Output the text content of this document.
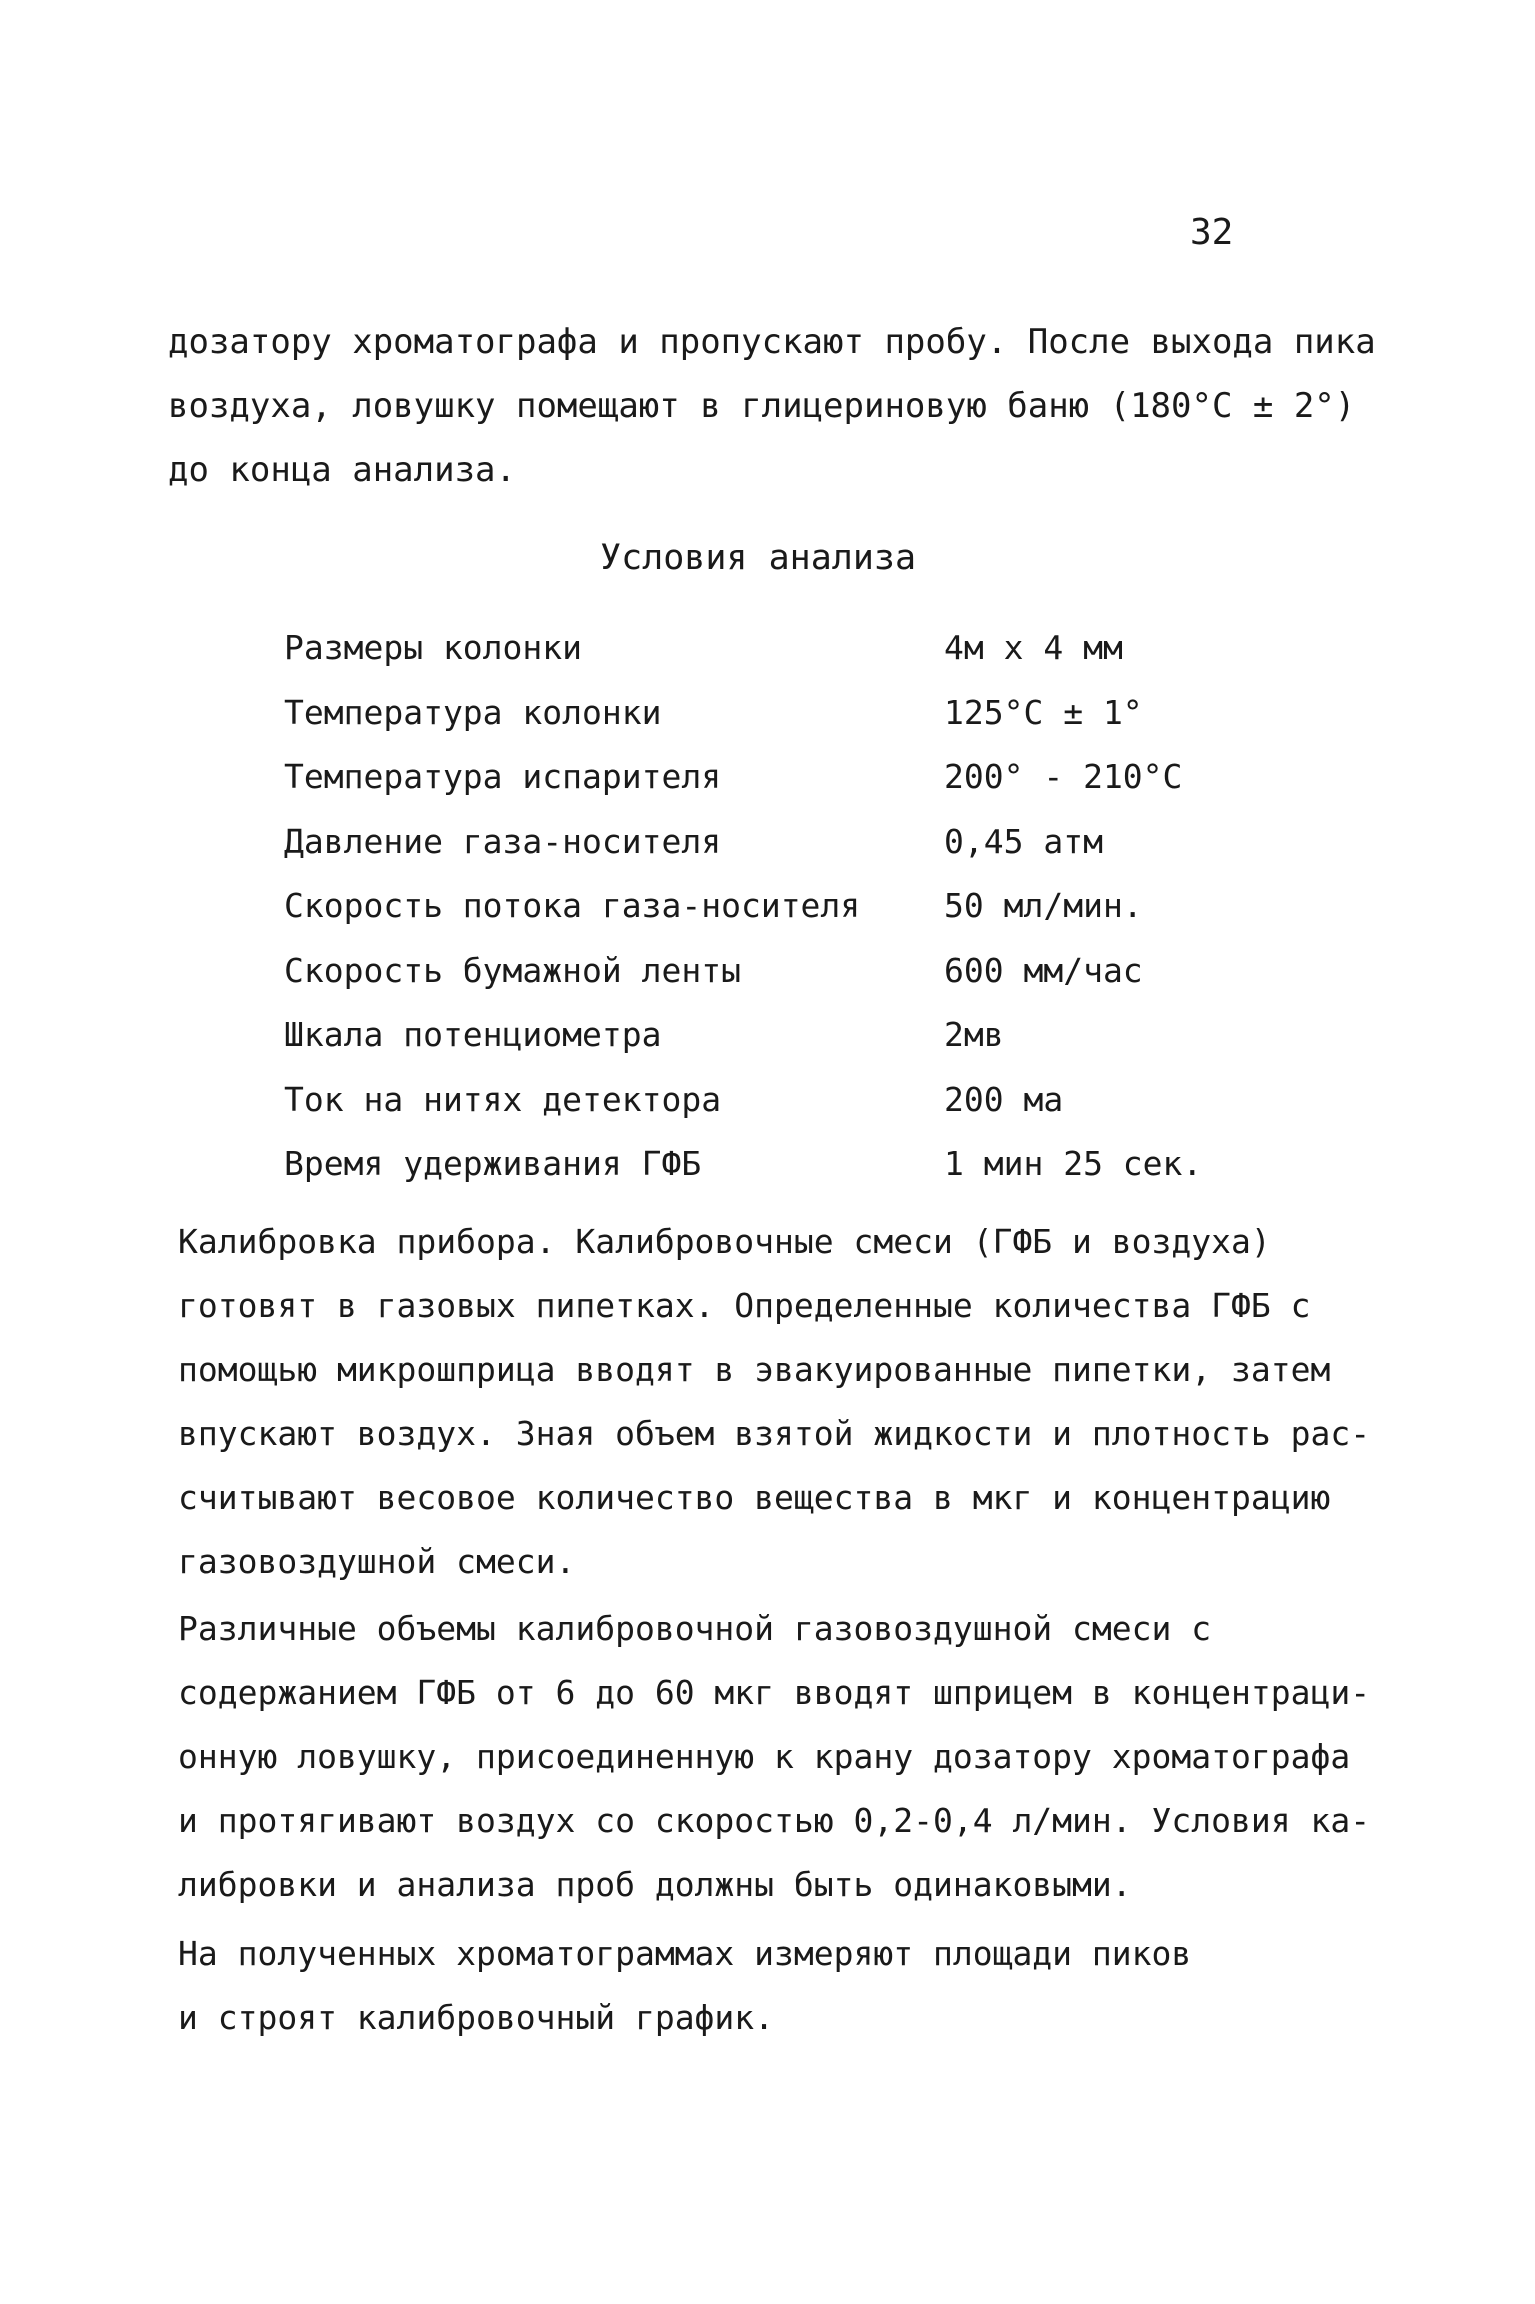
32
дозатору хроматографа и пропускают пробу. После выхода пика
воздуха, ловушку помещают в глицериновую баню (180°C ± 2°)
до конца анализа.
Условия анализа
Размеры колонки	4м x 4 мм
Температура колонки	125°C ± 1°
Температура испарителя	200° - 210°C
Давление газа-носителя	0,45 атм
Скорость потока газа-носителя	50 мл/мин.
Скорость бумажной ленты	600 мм/час
Шкала потенциометра	2мв
Ток на нитях детектора	200 ма
Время удерживания ГФБ	1 мин 25 сек.
Калибровка прибора. Калибровочные смеси (ГФБ и воздуха)
готовят в газовых пипетках. Определенные количества ГФБ с
помощью микрошприца вводят в эвакуированные пипетки, затем
впускают воздух. Зная объем взятой жидкости и плотность рас-
считывают весовое количество вещества в мкг и концентрацию
газовоздушной смеси.
Различные объемы калибровочной газовоздушной смеси с
содержанием ГФБ от 6 до 60 мкг вводят шприцем в концентраци-
онную ловушку, присоединенную к крану дозатору хроматографа
и протягивают воздух со скоростью 0,2-0,4 л/мин. Условия ка-
либровки и анализа проб должны быть одинаковыми.
На полученных хроматограммах измеряют площади пиков
и строят калибровочный график.
